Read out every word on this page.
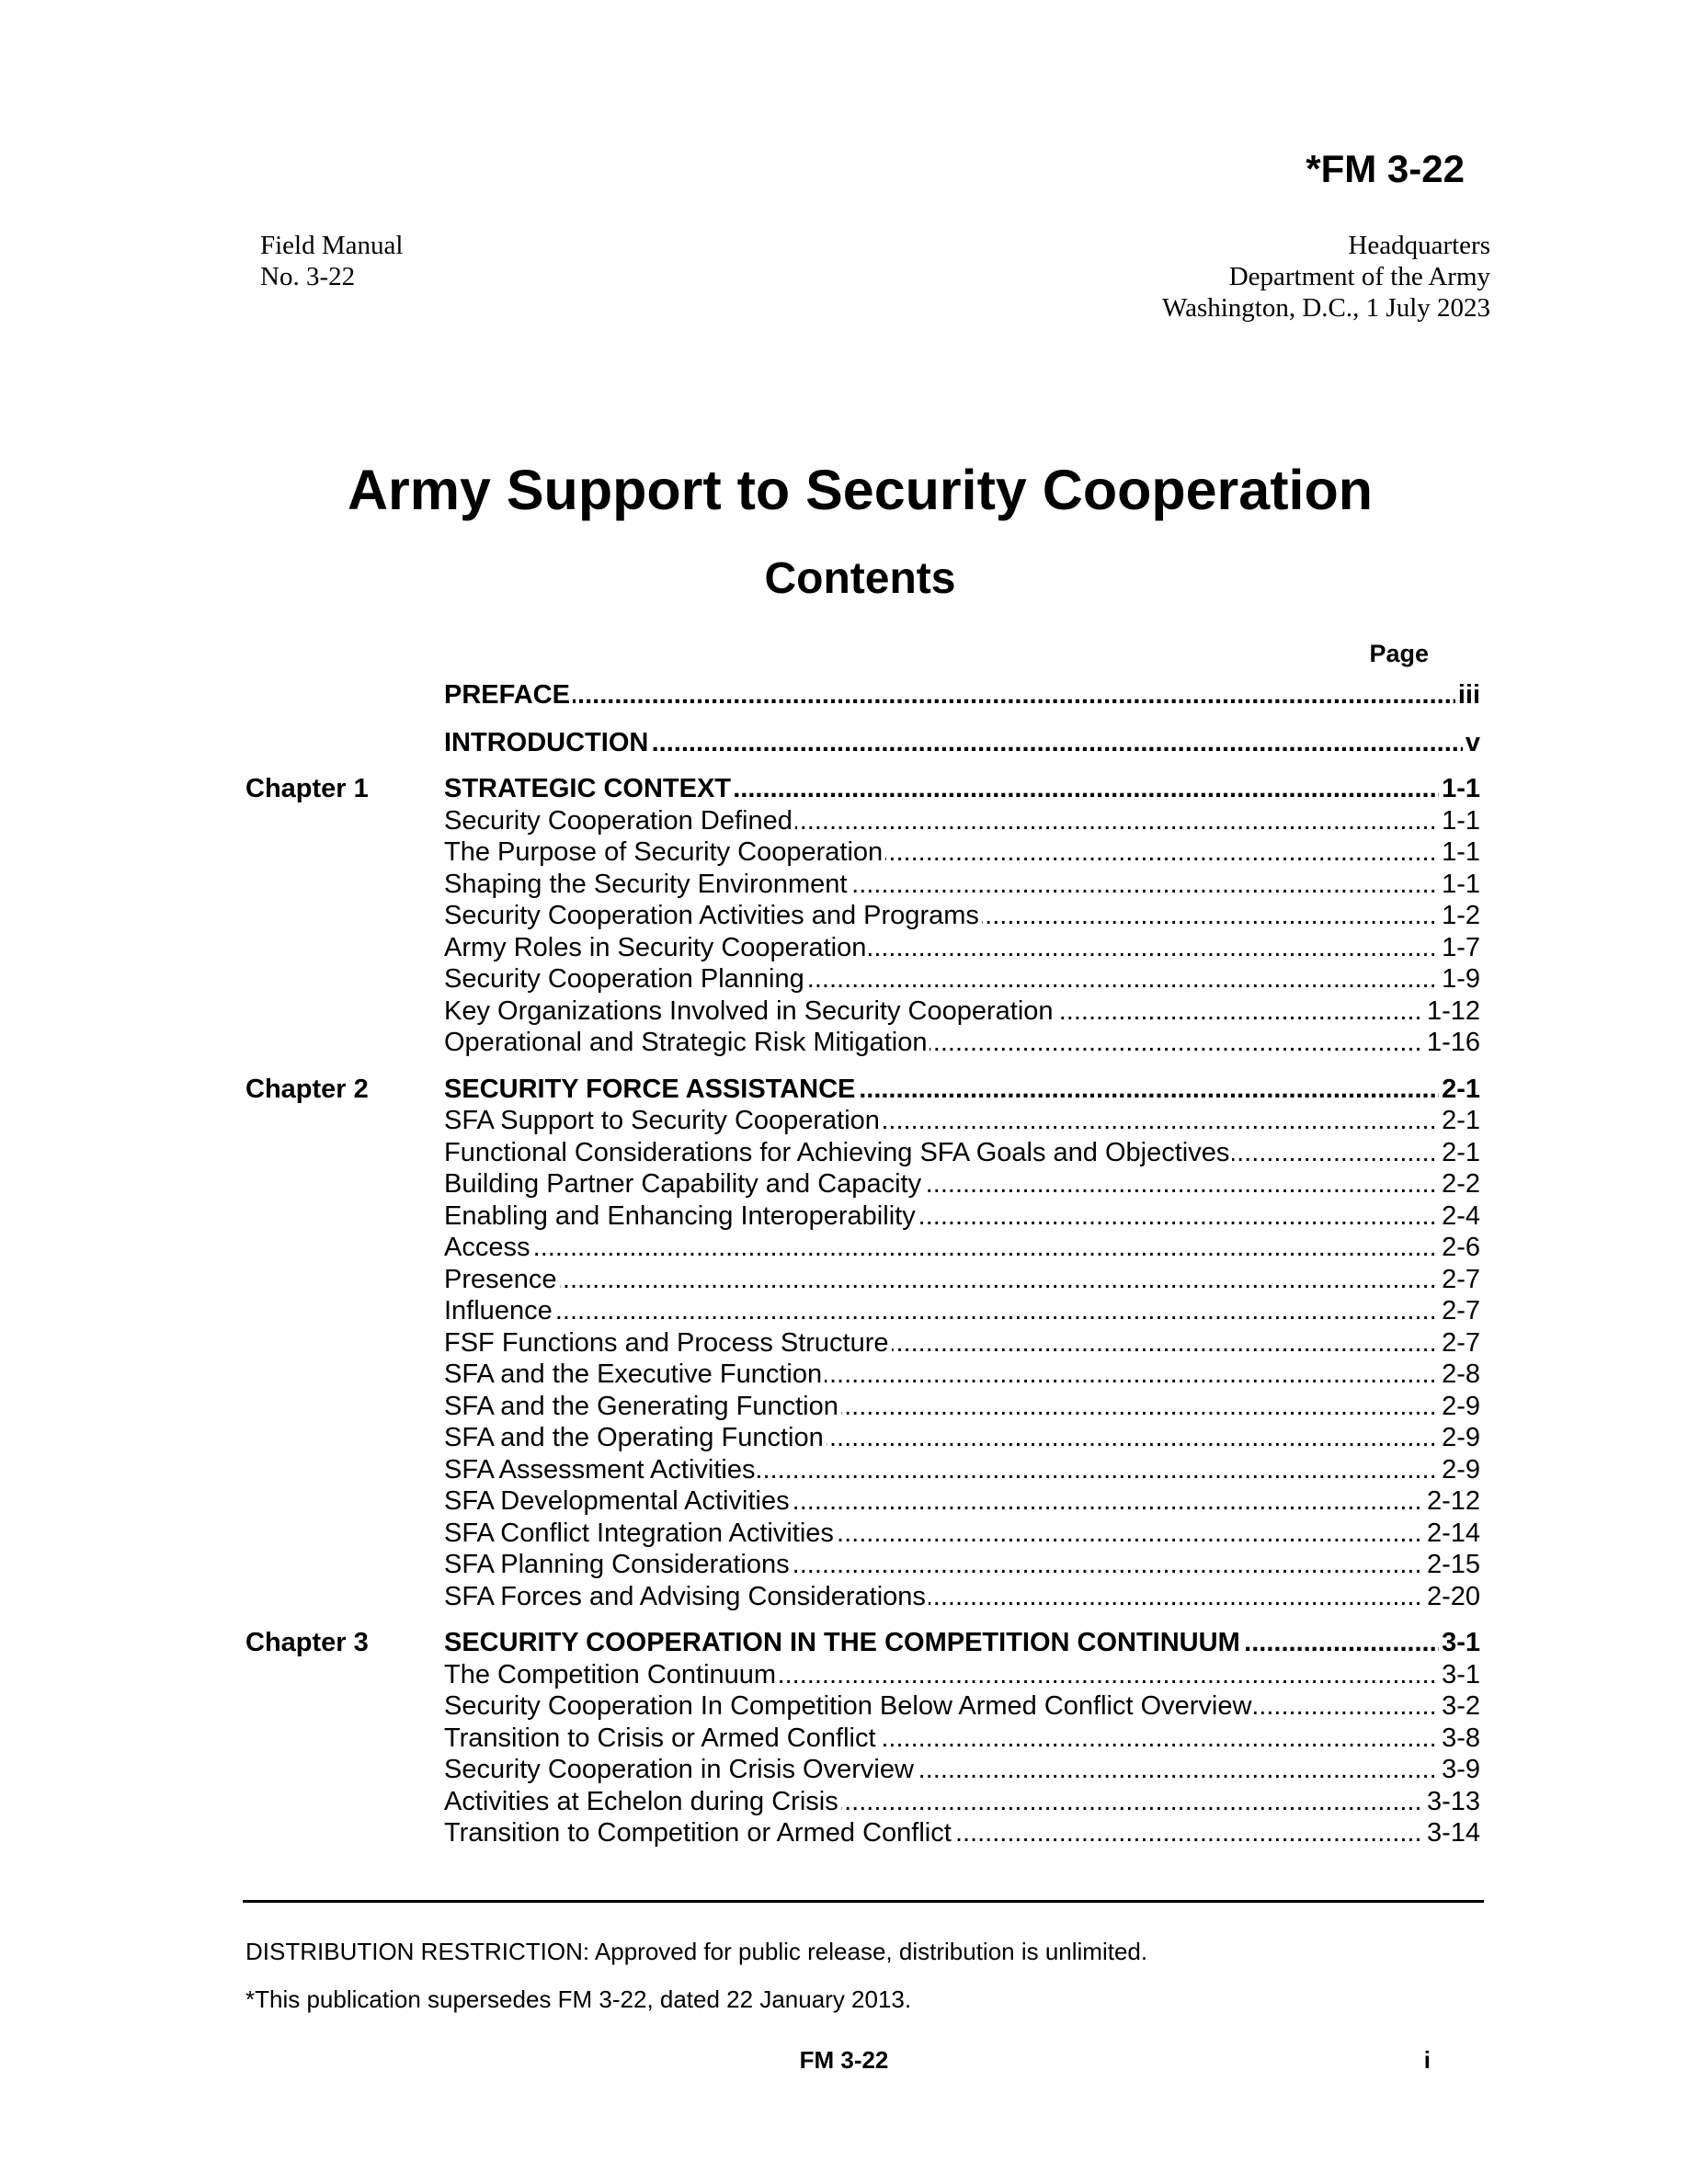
*FM 3-22
Field Manual
No. 3-22
Headquarters
Department of the Army
Washington, D.C., 1 July 2023
Army Support to Security Cooperation
Contents
Page
..... PREFACE	iii
..... INTRODUCTION	v
Chapter 1	..... STRATEGIC CONTEXT	1-1
..... Security Cooperation Defined	1-1
..... The Purpose of Security Cooperation	1-1
..... Shaping the Security Environment	1-1
..... Security Cooperation Activities and Programs	1-2
..... Army Roles in Security Cooperation	1-7
..... Security Cooperation Planning	1-9
..... Key Organizations Involved in Security Cooperation	1-12
..... Operational and Strategic Risk Mitigation	1-16
Chapter 2	..... SECURITY FORCE ASSISTANCE	2-1
..... SFA Support to Security Cooperation	2-1
..... Functional Considerations for Achieving SFA Goals and Objectives	2-1
..... Building Partner Capability and Capacity	2-2
..... Enabling and Enhancing Interoperability	2-4
..... Access	2-6
..... Presence	2-7
..... Influence	2-7
..... FSF Functions and Process Structure	2-7
..... SFA and the Executive Function	2-8
..... SFA and the Generating Function	2-9
..... SFA and the Operating Function	2-9
..... SFA Assessment Activities	2-9
..... SFA Developmental Activities	2-12
..... SFA Conflict Integration Activities	2-14
..... SFA Planning Considerations	2-15
..... SFA Forces and Advising Considerations	2-20
Chapter 3	..... SECURITY COOPERATION IN THE COMPETITION CONTINUUM	3-1
..... The Competition Continuum	3-1
..... Security Cooperation In Competition Below Armed Conflict Overview	3-2
..... Transition to Crisis or Armed Conflict	3-8
..... Security Cooperation in Crisis Overview	3-9
..... Activities at Echelon during Crisis	3-13
..... Transition to Competition or Armed Conflict	3-14
DISTRIBUTION RESTRICTION: Approved for public release, distribution is unlimited.
*This publication supersedes FM 3-22, dated 22 January 2013.
FM 3-22	i
